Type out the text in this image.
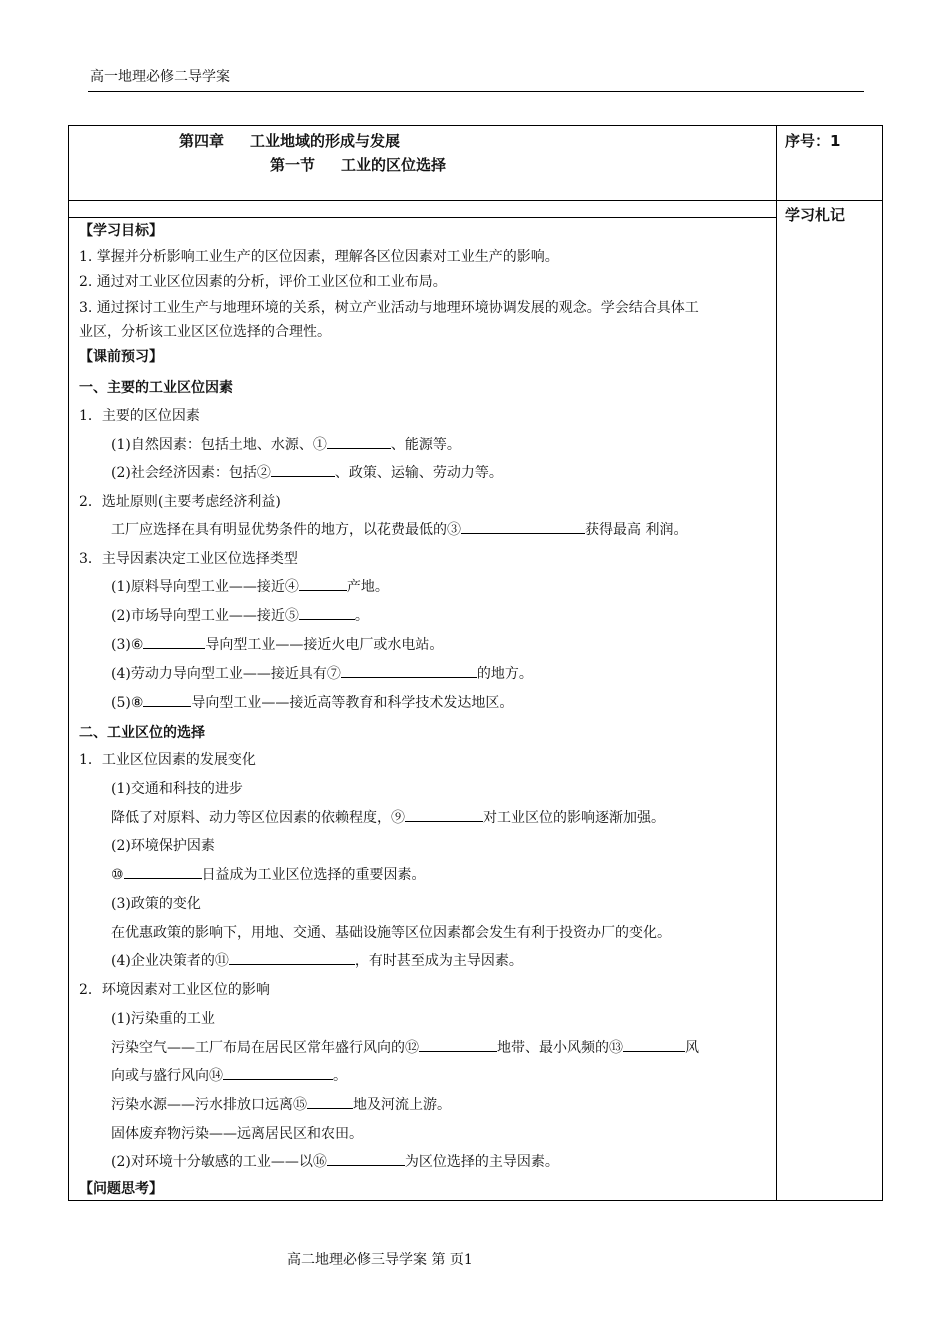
高一地理必修二导学案
第四章 工业地域的形成与发展
第一节 工业的区位选择
序号：1
学习札记
【学习目标】
1. 掌握并分析影响工业生产的区位因素，理解各区位因素对工业生产的影响。
2. 通过对工业区位因素的分析，评价工业区位和工业布局。
3. 通过探讨工业生产与地理环境的关系，树立产业活动与地理环境协调发展的观念。学会结合具体工
业区，分析该工业区区位选择的合理性。
【课前预习】
一、主要的工业区位因素
1．主要的区位因素
(1)自然因素：包括土地、水源、①	、能源等。
(2)社会经济因素：包括②	、政策、运输、劳动力等。
2．选址原则(主要考虑经济利益)
工厂应选择在具有明显优势条件的地方，以花费最低的③	获得最高 利润。
3．主导因素决定工业区位选择类型
(1)原料导向型工业——接近④	产地。
(2)市场导向型工业——接近⑤	。
(3)⑥	导向型工业——接近火电厂或水电站。
(4)劳动力导向型工业——接近具有⑦	的地方。
(5)⑧	导向型工业——接近高等教育和科学技术发达地区。
二、工业区位的选择
1．工业区位因素的发展变化
(1)交通和科技的进步
降低了对原料、动力等区位因素的依赖程度，⑨	对工业区位的影响逐渐加强。
(2)环境保护因素
⑩	日益成为工业区位选择的重要因素。
(3)政策的变化
在优惠政策的影响下，用地、交通、基础设施等区位因素都会发生有利于投资办厂的变化。
(4)企业决策者的⑪	，有时甚至成为主导因素。
2．环境因素对工业区位的影响
(1)污染重的工业
污染空气——工厂布局在居民区常年盛行风向的⑫	地带、最小风频的⑬	风
向或与盛行风向⑭	。
污染水源——污水排放口远离⑮	地及河流上游。
固体废弃物污染——远离居民区和农田。
(2)对环境十分敏感的工业——以⑯	为区位选择的主导因素。
【问题思考】
高二地理必修三导学案 第 页1
